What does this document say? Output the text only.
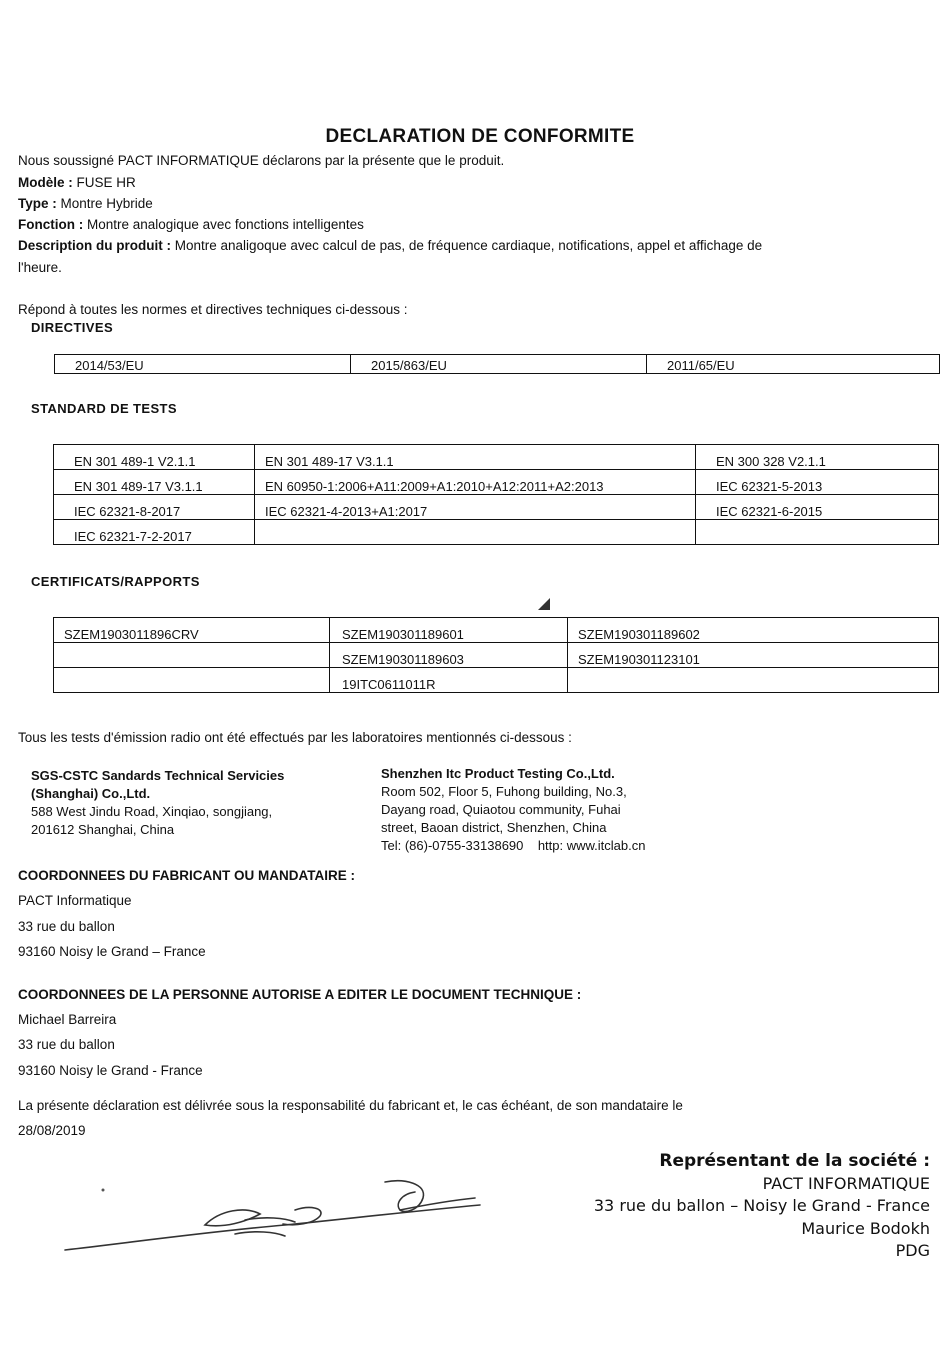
DECLARATION DE CONFORMITE
Nous soussigné PACT INFORMATIQUE déclarons par la présente que le produit.
Modèle : FUSE HR
Type : Montre Hybride
Fonction : Montre analogique avec fonctions intelligentes
Description du produit : Montre analigoque avec calcul de pas, de fréquence cardiaque, notifications, appel et affichage de
l'heure.
Répond à toutes les normes et directives techniques ci-dessous :
DIRECTIVES
2014/53/EU	2015/863/EU	2011/65/EU
STANDARD DE TESTS
EN 301 489-1 V2.1.1	EN 301 489-17 V3.1.1	EN 300 328 V2.1.1
EN 301 489-17 V3.1.1	EN 60950-1:2006+A11:2009+A1:2010+A12:2011+A2:2013	IEC 62321-5-2013
IEC 62321-8-2017	IEC 62321-4-2013+A1:2017	IEC 62321-6-2015
IEC 62321-7-2-2017		
CERTIFICATS/RAPPORTS
SZEM1903011896CRV	SZEM190301189601	SZEM190301189602
	SZEM190301189603	SZEM190301123101
	19ITC0611011R	
Tous les tests d'émission radio ont été effectués par les laboratoires mentionnés ci-dessous :
SGS-CSTC Sandards Technical Servicies
(Shanghai) Co.,Ltd.
588 West Jindu Road, Xinqiao, songjiang,
201612 Shanghai, China
Shenzhen Itc Product Testing Co.,Ltd.
Room 502, Floor 5, Fuhong building, No.3,
Dayang road, Quiaotou community, Fuhai
street, Baoan district, Shenzhen, China
Tel: (86)-0755-33138690    http: www.itclab.cn
COORDONNEES DU FABRICANT OU MANDATAIRE :
PACT Informatique
33 rue du ballon
93160 Noisy le Grand – France
COORDONNEES DE LA PERSONNE AUTORISE A EDITER LE DOCUMENT TECHNIQUE :
Michael Barreira
33 rue du ballon
93160 Noisy le Grand - France
La présente déclaration est délivrée sous la responsabilité du fabricant et, le cas échéant, de son mandataire le
28/08/2019
Représentant de la société :
PACT INFORMATIQUE
33 rue du ballon – Noisy le Grand - France
Maurice Bodokh
PDG
